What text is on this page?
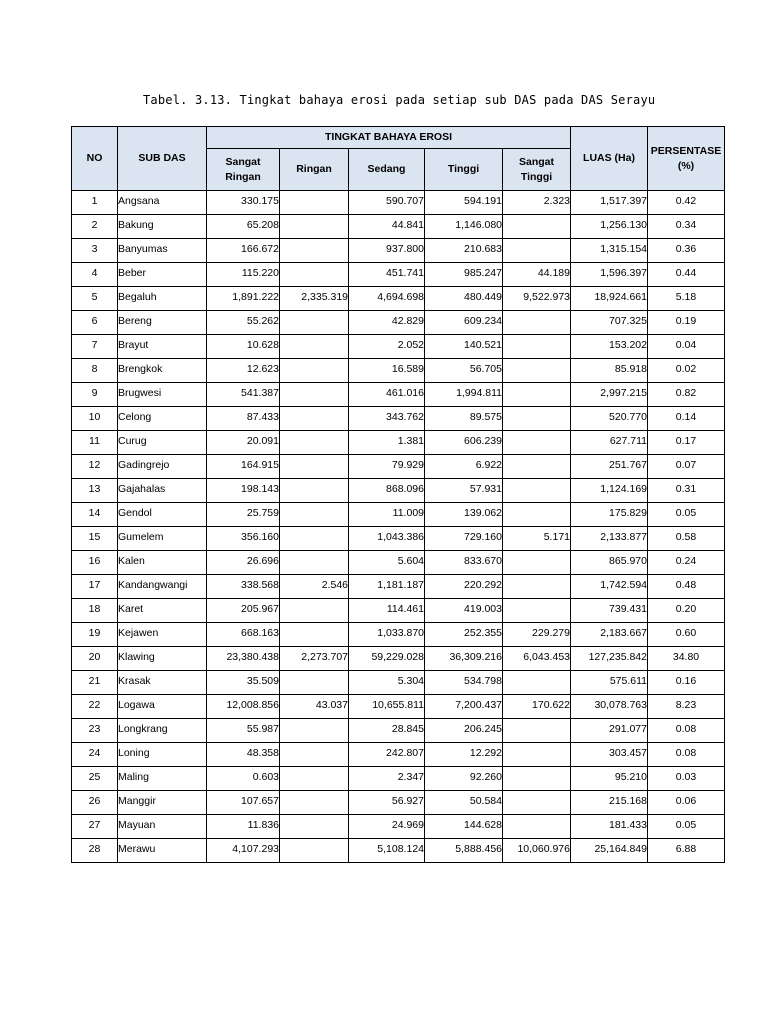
Tabel. 3.13. Tingkat bahaya erosi pada setiap sub DAS pada DAS Serayu
NO	SUB DAS	TINGKAT BAHAYA EROSI					LUAS (Ha)	PERSENTASE (%)
		Sangat Ringan	Ringan	Sedang	Tinggi	Sangat Tinggi		
1	Angsana	330.175		590.707	594.191	2.323	1,517.397	0.42
2	Bakung	65.208		44.841	1,146.080		1,256.130	0.34
3	Banyumas	166.672		937.800	210.683		1,315.154	0.36
4	Beber	115.220		451.741	985.247	44.189	1,596.397	0.44
5	Begaluh	1,891.222	2,335.319	4,694.698	480.449	9,522.973	18,924.661	5.18
6	Bereng	55.262		42.829	609.234		707.325	0.19
7	Brayut	10.628		2.052	140.521		153.202	0.04
8	Brengkok	12.623		16.589	56.705		85.918	0.02
9	Brugwesi	541.387		461.016	1,994.811		2,997.215	0.82
10	Celong	87.433		343.762	89.575		520.770	0.14
11	Curug	20.091		1.381	606.239		627.711	0.17
12	Gadingrejo	164.915		79.929	6.922		251.767	0.07
13	Gajahalas	198.143		868.096	57.931		1,124.169	0.31
14	Gendol	25.759		11.009	139.062		175.829	0.05
15	Gumelem	356.160		1,043.386	729.160	5.171	2,133.877	0.58
16	Kalen	26.696		5.604	833.670		865.970	0.24
17	Kandangwangi	338.568	2.546	1,181.187	220.292		1,742.594	0.48
18	Karet	205.967		114.461	419.003		739.431	0.20
19	Kejawen	668.163		1,033.870	252.355	229.279	2,183.667	0.60
20	Klawing	23,380.438	2,273.707	59,229.028	36,309.216	6,043.453	127,235.842	34.80
21	Krasak	35.509		5.304	534.798		575.611	0.16
22	Logawa	12,008.856	43.037	10,655.811	7,200.437	170.622	30,078.763	8.23
23	Longkrang	55.987		28.845	206.245		291.077	0.08
24	Loning	48.358		242.807	12.292		303.457	0.08
25	Maling	0.603		2.347	92.260		95.210	0.03
26	Manggir	107.657		56.927	50.584		215.168	0.06
27	Mayuan	11.836		24.969	144.628		181.433	0.05
28	Merawu	4,107.293		5,108.124	5,888.456	10,060.976	25,164.849	6.88
